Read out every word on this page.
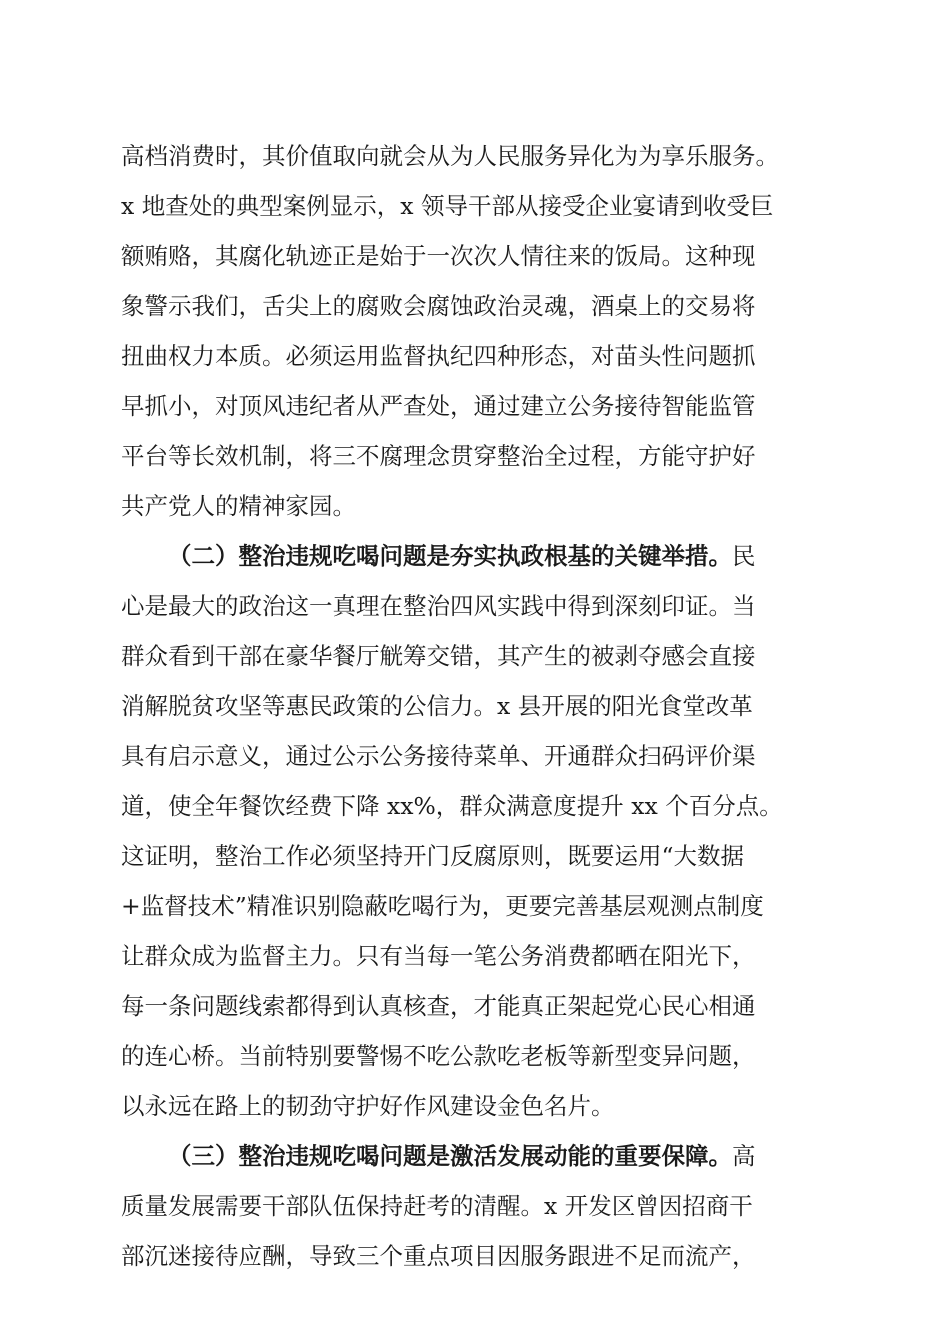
高档消费时，其价值取向就会从为人民服务异化为为享乐服务。

x 地查处的典型案例显示，x 领导干部从接受企业宴请到收受巨

额贿赂，其腐化轨迹正是始于一次次人情往来的饭局。这种现

象警示我们，舌尖上的腐败会腐蚀政治灵魂，酒桌上的交易将

扭曲权力本质。必须运用监督执纪四种形态，对苗头性问题抓

早抓小，对顶风违纪者从严查处，通过建立公务接待智能监管

平台等长效机制，将三不腐理念贯穿整治全过程，方能守护好

共产党人的精神家园。

（二）整治违规吃喝问题是夯实执政根基的关键举措。民

心是最大的政治这一真理在整治四风实践中得到深刻印证。当

群众看到干部在豪华餐厅觥筹交错，其产生的被剥夺感会直接

消解脱贫攻坚等惠民政策的公信力。x 县开展的阳光食堂改革

具有启示意义，通过公示公务接待菜单、开通群众扫码评价渠

道，使全年餐饮经费下降 xx%，群众满意度提升 xx 个百分点。

这证明，整治工作必须坚持开门反腐原则，既要运用“大数据

+监督技术”精准识别隐蔽吃喝行为，更要完善基层观测点制度

让群众成为监督主力。只有当每一笔公务消费都晒在阳光下，

每一条问题线索都得到认真核查，才能真正架起党心民心相通

的连心桥。当前特别要警惕不吃公款吃老板等新型变异问题，

以永远在路上的韧劲守护好作风建设金色名片。

（三）整治违规吃喝问题是激活发展动能的重要保障。高

质量发展需要干部队伍保持赶考的清醒。x 开发区曾因招商干

部沉迷接待应酬，导致三个重点项目因服务跟进不足而流产，
